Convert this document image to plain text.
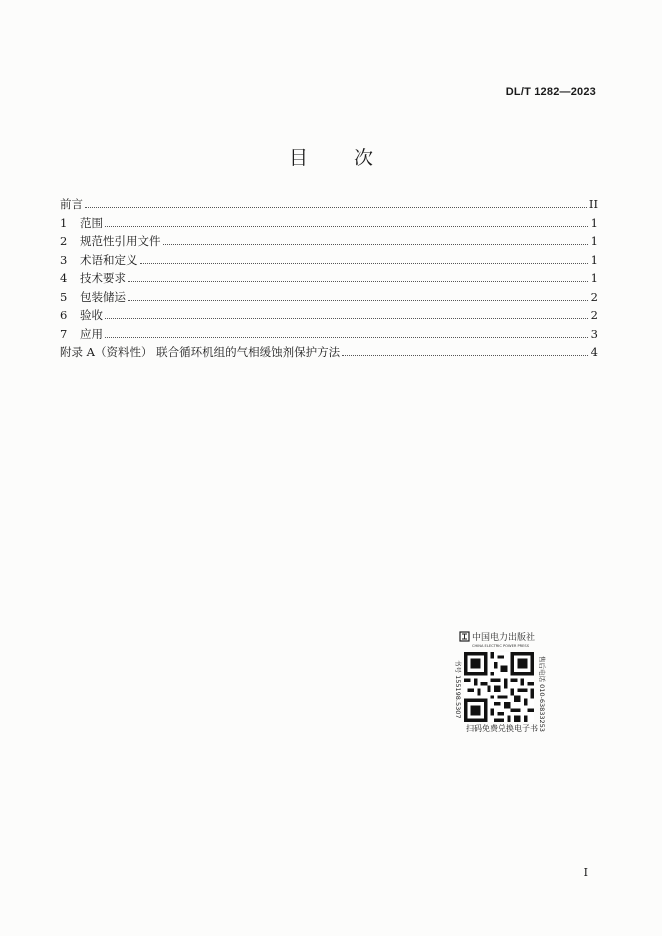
DL/T 1282—2023
目次
前言	II
1	范围	1
2	规范性引用文件	1
3	术语和定义	1
4	技术要求	1
5	包装储运	2
6	验收	2
7	应用	3
附录 A（资料性） 联合循环机组的气相缓蚀剂保护方法	4
中国电力出版社
CHINA ELECTRIC POWER PRESS
书号 155198.5307	售后电话 010-63833253
扫码免费兑换电子书
I
